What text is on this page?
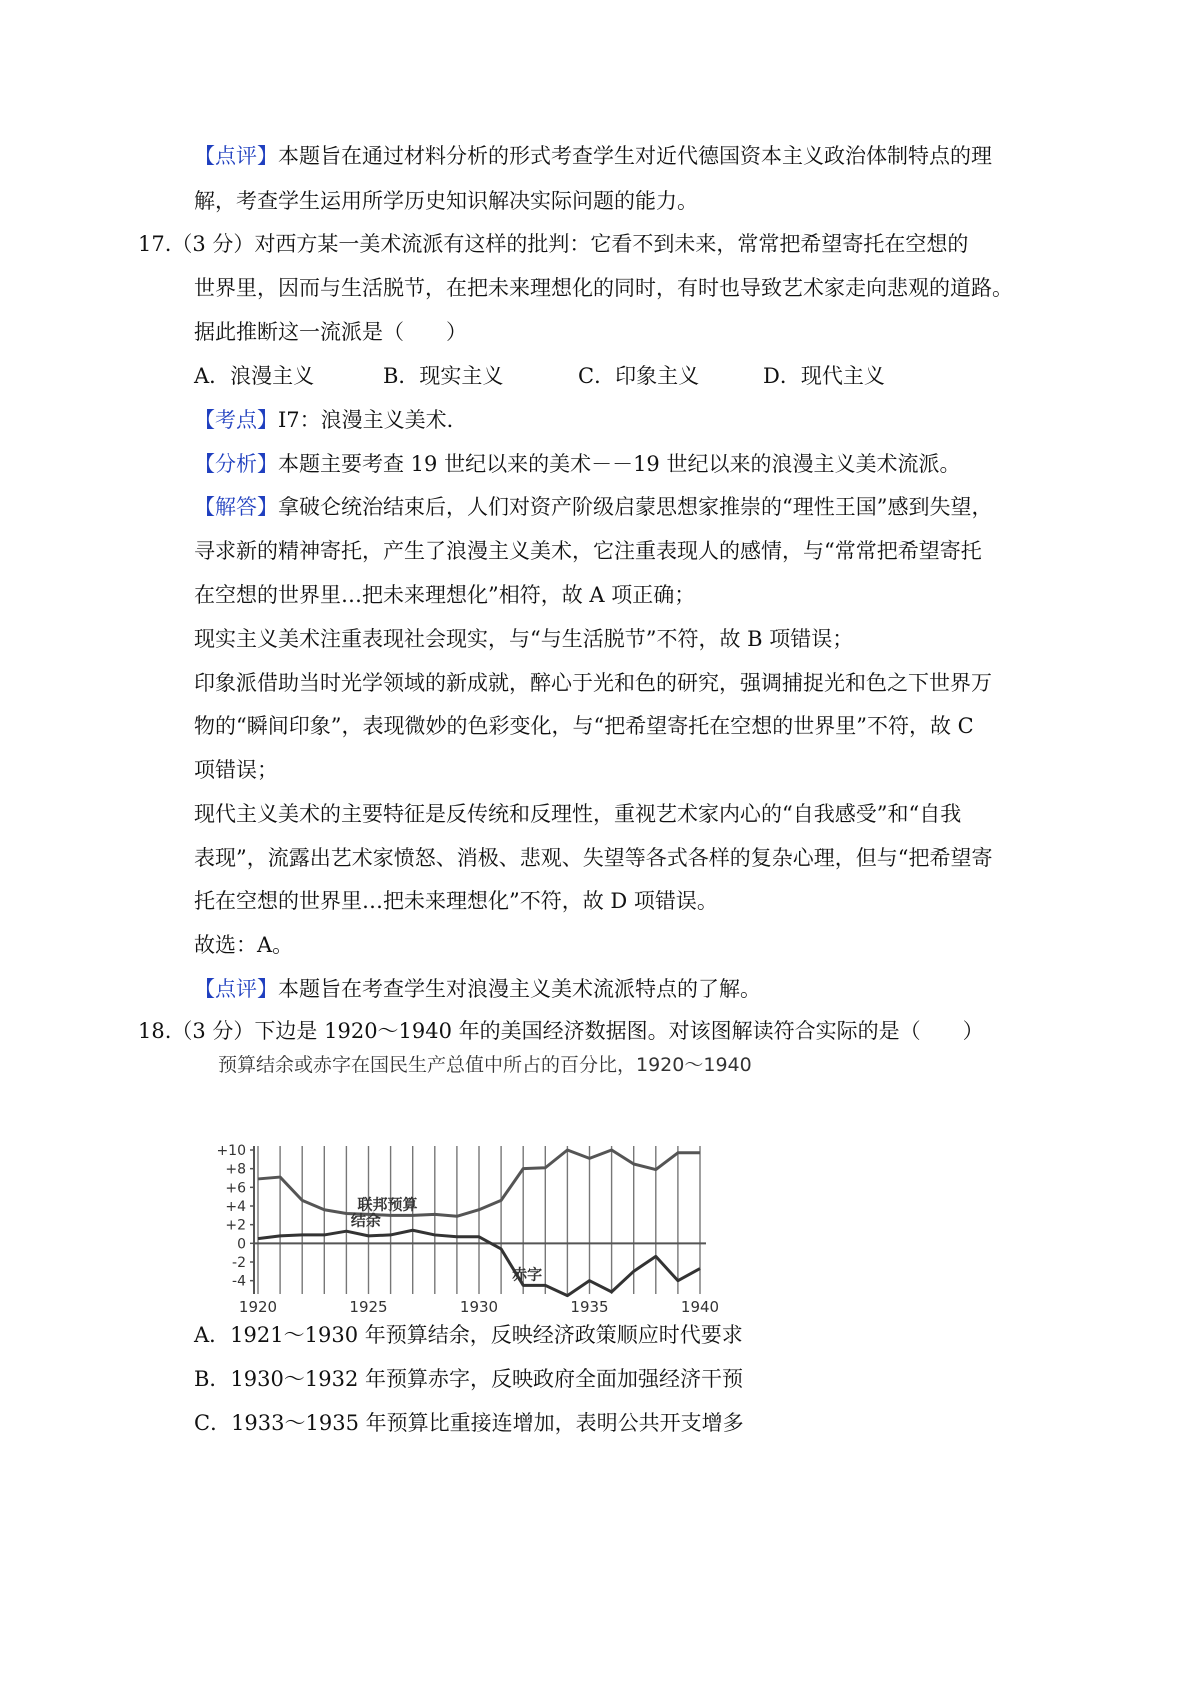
【点评】本题旨在通过材料分析的形式考查学生对近代德国资本主义政治体制特点的理
解，考查学生运用所学历史知识解决实际问题的能力。
17.（3 分）对西方某一美术流派有这样的批判：它看不到未来，常常把希望寄托在空想的
世界里，因而与生活脱节，在把未来理想化的同时，有时也导致艺术家走向悲观的道路。
据此推断这一流派是（　　）
A．浪漫主义	B．现实主义	C．印象主义	D．现代主义
【考点】I7：浪漫主义美术．
【分析】本题主要考查 19 世纪以来的美术－－19 世纪以来的浪漫主义美术流派。
【解答】拿破仑统治结束后，人们对资产阶级启蒙思想家推崇的“理性王国”感到失望，
寻求新的精神寄托，产生了浪漫主义美术，它注重表现人的感情，与“常常把希望寄托
在空想的世界里…把未来理想化”相符，故 A 项正确；
现实主义美术注重表现社会现实，与“与生活脱节”不符，故 B 项错误；
印象派借助当时光学领域的新成就，醉心于光和色的研究，强调捕捉光和色之下世界万
物的“瞬间印象”，表现微妙的色彩变化，与“把希望寄托在空想的世界里”不符，故 C
项错误；
现代主义美术的主要特征是反传统和反理性，重视艺术家内心的“自我感受”和“自我
表现”，流露出艺术家愤怒、消极、悲观、失望等各式各样的复杂心理，但与“把希望寄
托在空想的世界里…把未来理想化”不符，故 D 项错误。
故选：A。
【点评】本题旨在考查学生对浪漫主义美术流派特点的了解。
18.（3 分）下边是 1920～1940 年的美国经济数据图。对该图解读符合实际的是（　　）
预算结余或赤字在国民生产总值中所占的百分比，1920～1940
+10
+8
+6
+4
+2
0
-2
-4
1920	1925	1930	1935	1940
联邦预算
结余
赤字
A．1921～1930 年预算结余，反映经济政策顺应时代要求
B．1930～1932 年预算赤字，反映政府全面加强经济干预
C．1933～1935 年预算比重接连增加，表明公共开支增多
